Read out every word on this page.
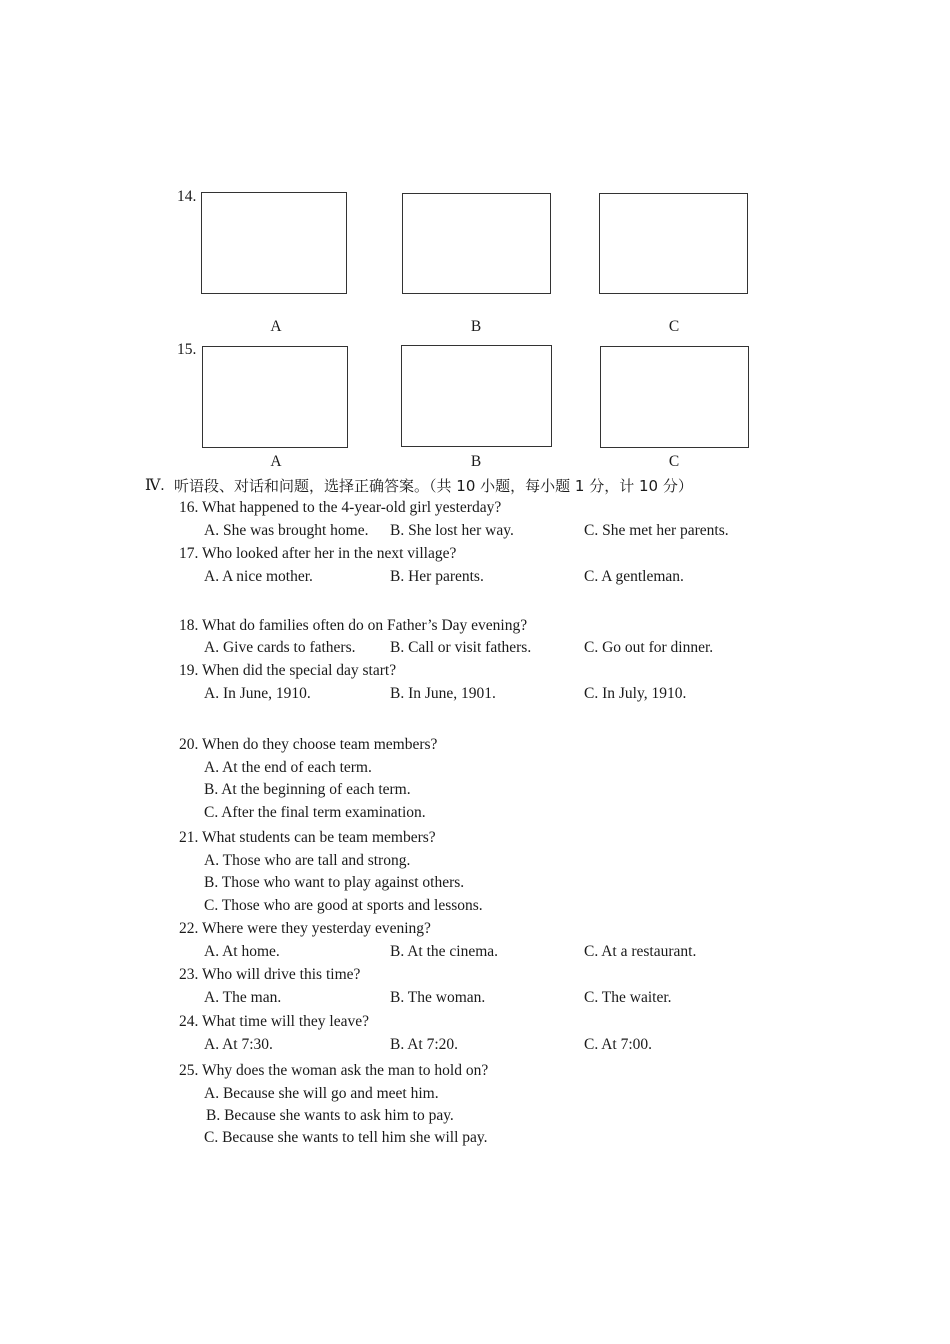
14.
A	B	C
15.
A	B	C
Ⅳ. 听语段、对话和问题，选择正确答案。（共 10 小题，每小题 1 分，计 10 分）
16. What happened to the 4-year-old girl yesterday?
A. She was brought home. B. She lost her way.	C. She met her parents.
17. Who looked after her in the next village?
A. A nice mother.	B. Her parents.	C. A gentleman.
18. What do families often do on Father’s Day evening?
A. Give cards to fathers. B. Call or visit fathers.	C. Go out for dinner.
19. When did the special day start?
A. In June, 1910.	B. In June, 1901.	C. In July, 1910.
20. When do they choose team members?
A. At the end of each term.
B. At the beginning of each term.
C. After the final term examination.
21. What students can be team members?
A. Those who are tall and strong.
B. Those who want to play against others.
C. Those who are good at sports and lessons.
22. Where were they yesterday evening?
A. At home.	B. At the cinema.	C. At a restaurant.
23. Who will drive this time?
A. The man.	B. The woman.	C. The waiter.
24. What time will they leave?
A. At 7:30.	B. At 7:20.	C. At 7:00.
25. Why does the woman ask the man to hold on?
A. Because she will go and meet him.
B. Because she wants to ask him to pay.
C. Because she wants to tell him she will pay.
